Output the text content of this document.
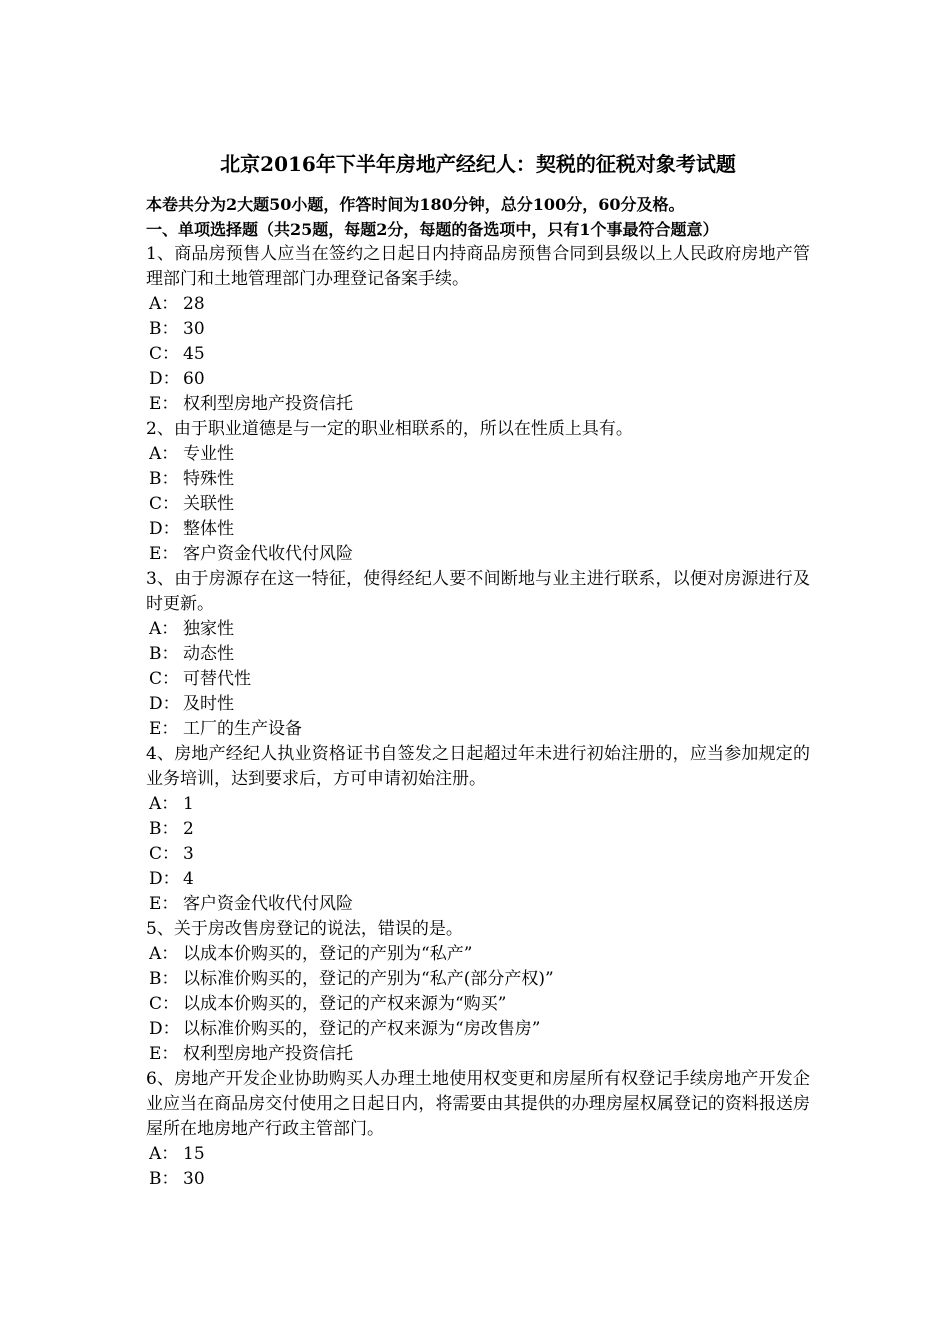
北京2016年下半年房地产经纪人：契税的征税对象考试题

本卷共分为2大题50小题，作答时间为180分钟，总分100分，60分及格。

一、单项选择题（共25题，每题2分，每题的备选项中，只有1个事最符合题意）

1、商品房预售人应当在签约之日起日内持商品房预售合同到县级以上人民政府房地产管理部门和土地管理部门办理登记备案手续。

A： 28

B： 30

C： 45

D： 60

E： 权利型房地产投资信托

2、由于职业道德是与一定的职业相联系的，所以在性质上具有。

A： 专业性

B： 特殊性

C： 关联性

D： 整体性

E： 客户资金代收代付风险

3、由于房源存在这一特征，使得经纪人要不间断地与业主进行联系，以便对房源进行及时更新。

A： 独家性

B： 动态性

C： 可替代性

D： 及时性

E： 工厂的生产设备

4、房地产经纪人执业资格证书自签发之日起超过年未进行初始注册的，应当参加规定的业务培训，达到要求后，方可申请初始注册。

A： 1

B： 2

C： 3

D： 4

E： 客户资金代收代付风险

5、关于房改售房登记的说法，错误的是。

A： 以成本价购买的，登记的产别为“私产”

B： 以标准价购买的，登记的产别为“私产(部分产权)”

C： 以成本价购买的，登记的产权来源为“购买”

D： 以标准价购买的，登记的产权来源为“房改售房”

E： 权利型房地产投资信托

6、房地产开发企业协助购买人办理土地使用权变更和房屋所有权登记手续房地产开发企业应当在商品房交付使用之日起日内，将需要由其提供的办理房屋权属登记的资料报送房屋所在地房地产行政主管部门。

A： 15

B： 30
